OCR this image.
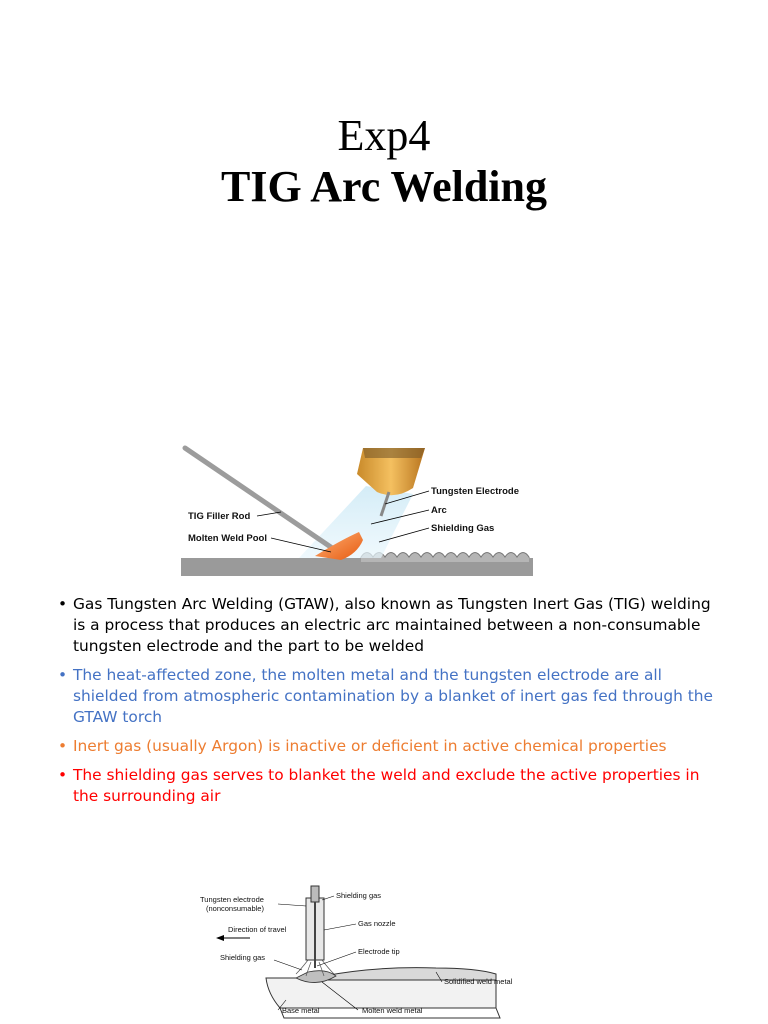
Exp4
TIG Arc Welding
Tungsten Electrode
Arc
Shielding Gas
TIG Filler Rod
Molten Weld Pool
• Gas Tungsten Arc Welding (GTAW), also known as Tungsten Inert Gas (TIG) welding is a process that produces an electric arc maintained between a non-consumable tungsten electrode and the part to be welded
• The heat-affected zone, the molten metal and the tungsten electrode are all shielded from atmospheric contamination by a blanket of inert gas fed through the GTAW torch
• Inert gas (usually Argon) is inactive or deficient in active chemical properties
• The shielding gas serves to blanket the weld and exclude the active properties in the surrounding air
Tungsten electrode
(nonconsumable)
Shielding gas
Gas nozzle
Direction of travel
Electrode tip
Shielding gas
Solidified weld metal
Base metal	Molten weld metal
